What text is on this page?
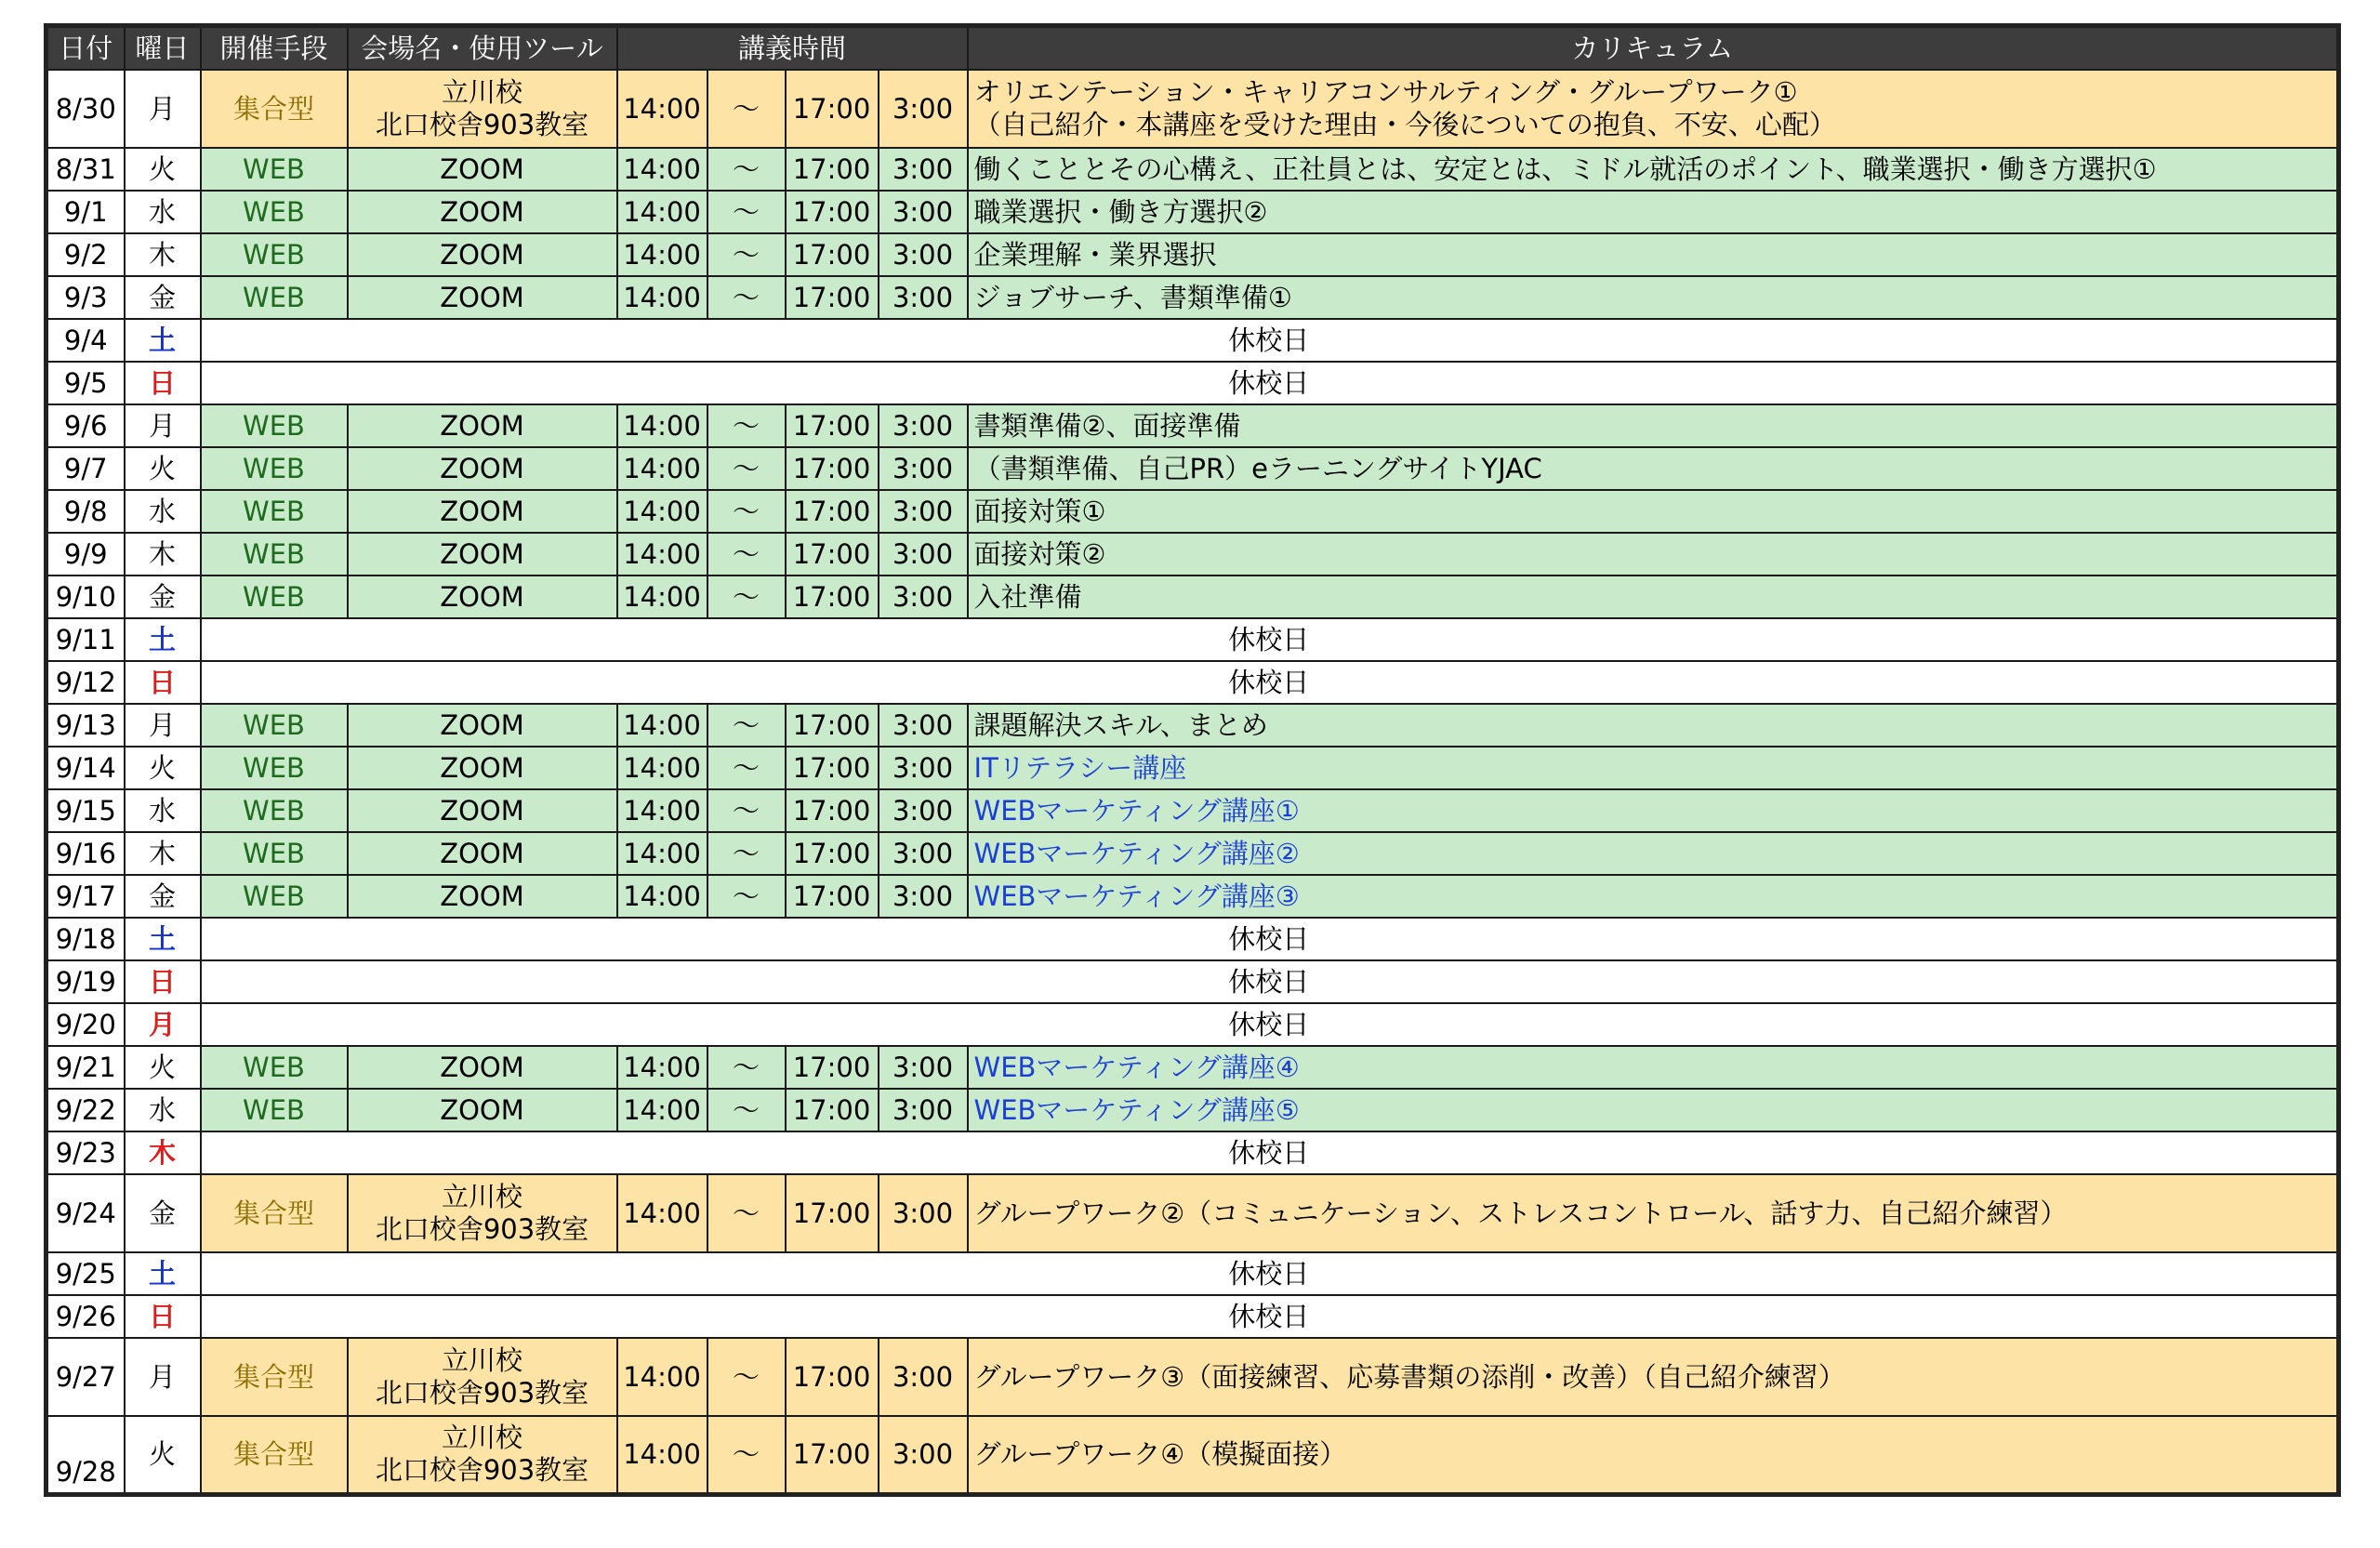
日付	曜日	開催手段	会場名・使用ツール	講義時間				カリキュラム
8/30	月	集合型	立川校
北口校舎903教室	14:00	～	17:00	3:00	オリエンテーション・キャリアコンサルティング・グループワーク①
（自己紹介・本講座を受けた理由・今後についての抱負、不安、心配）

8/31	火	WEB	ZOOM	14:00	～	17:00	3:00	働くこととその心構え、正社員とは、安定とは、ミドル就活のポイント、職業選択・働き方選択①

9/1	水	WEB	ZOOM	14:00	～	17:00	3:00	職業選択・働き方選択②

9/2	木	WEB	ZOOM	14:00	～	17:00	3:00	企業理解・業界選択

9/3	金	WEB	ZOOM	14:00	～	17:00	3:00	ジョブサーチ、書類準備①

9/4	土	休校日						
9/5	日	休校日						
9/6	月	WEB	ZOOM	14:00	～	17:00	3:00	書類準備②、面接準備

9/7	火	WEB	ZOOM	14:00	～	17:00	3:00	（書類準備、自己PR）eラーニングサイトYJAC

9/8	水	WEB	ZOOM	14:00	～	17:00	3:00	面接対策①

9/9	木	WEB	ZOOM	14:00	～	17:00	3:00	面接対策②

9/10	金	WEB	ZOOM	14:00	～	17:00	3:00	入社準備

9/11	土	休校日						
9/12	日	休校日						
9/13	月	WEB	ZOOM	14:00	～	17:00	3:00	課題解決スキル、まとめ

9/14	火	WEB	ZOOM	14:00	～	17:00	3:00	ITリテラシー講座

9/15	水	WEB	ZOOM	14:00	～	17:00	3:00	WEBマーケティング講座①

9/16	木	WEB	ZOOM	14:00	～	17:00	3:00	WEBマーケティング講座②

9/17	金	WEB	ZOOM	14:00	～	17:00	3:00	WEBマーケティング講座③

9/18	土	休校日						
9/19	日	休校日						
9/20	月	休校日						
9/21	火	WEB	ZOOM	14:00	～	17:00	3:00	WEBマーケティング講座④

9/22	水	WEB	ZOOM	14:00	～	17:00	3:00	WEBマーケティング講座⑤

9/23	木	休校日						
9/24	金	集合型	立川校
北口校舎903教室	14:00	～	17:00	3:00	グループワーク②（コミュニケーション、ストレスコントロール、話す力、自己紹介練習）

9/25	土	休校日						
9/26	日	休校日						
9/27	月	集合型	立川校
北口校舎903教室	14:00	～	17:00	3:00	グループワーク③（面接練習、応募書類の添削・改善）（自己紹介練習）

9/28	火	集合型	立川校
北口校舎903教室	14:00	～	17:00	3:00	グループワーク④（模擬面接）
